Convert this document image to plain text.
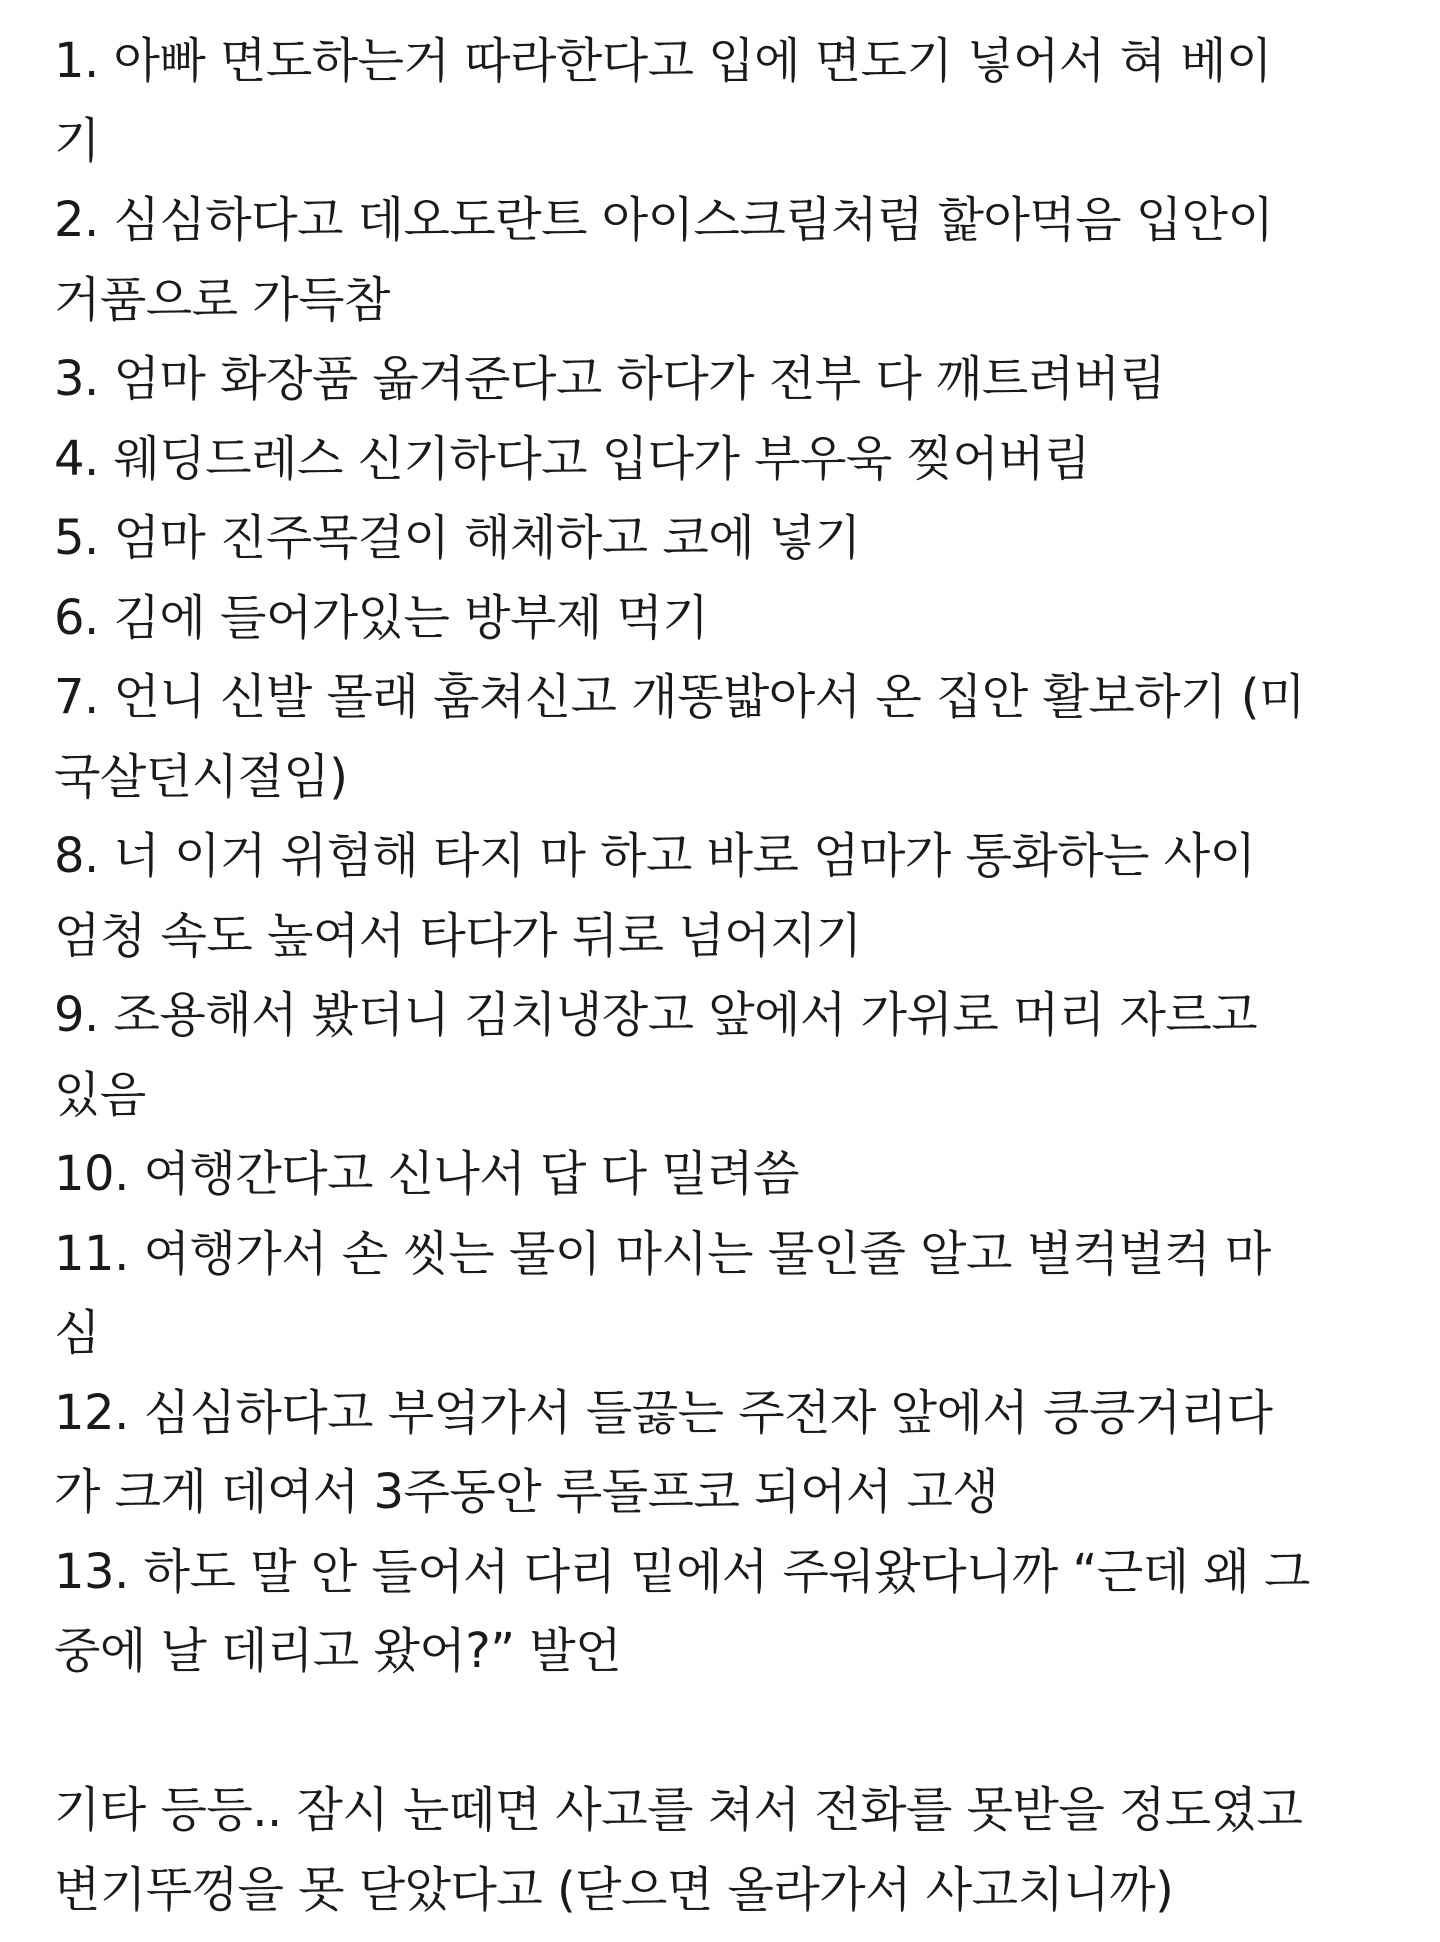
1. 아빠 면도하는거 따라한다고 입에 면도기 넣어서 혀 베이
기
2. 심심하다고 데오도란트 아이스크림처럼 핥아먹음 입안이
거품으로 가득참
3. 엄마 화장품 옮겨준다고 하다가 전부 다 깨트려버림
4. 웨딩드레스 신기하다고 입다가 부우욱 찢어버림
5. 엄마 진주목걸이 해체하고 코에 넣기
6. 김에 들어가있는 방부제 먹기
7. 언니 신발 몰래 훔쳐신고 개똥밟아서 온 집안 활보하기 (미
국살던시절임)
8. 너 이거 위험해 타지 마 하고 바로 엄마가 통화하는 사이
엄청 속도 높여서 타다가 뒤로 넘어지기
9. 조용해서 봤더니 김치냉장고 앞에서 가위로 머리 자르고
있음
10. 여행간다고 신나서 답 다 밀려씀
11. 여행가서 손 씻는 물이 마시는 물인줄 알고 벌컥벌컥 마
심
12. 심심하다고 부엌가서 들끓는 주전자 앞에서 킁킁거리다
가 크게 데여서 3주동안 루돌프코 되어서 고생
13. 하도 말 안 들어서 다리 밑에서 주워왔다니까 “근데 왜 그
중에 날 데리고 왔어?” 발언
기타 등등.. 잠시 눈떼면 사고를 쳐서 전화를 못받을 정도였고
변기뚜껑을 못 닫았다고 (닫으면 올라가서 사고치니까)
